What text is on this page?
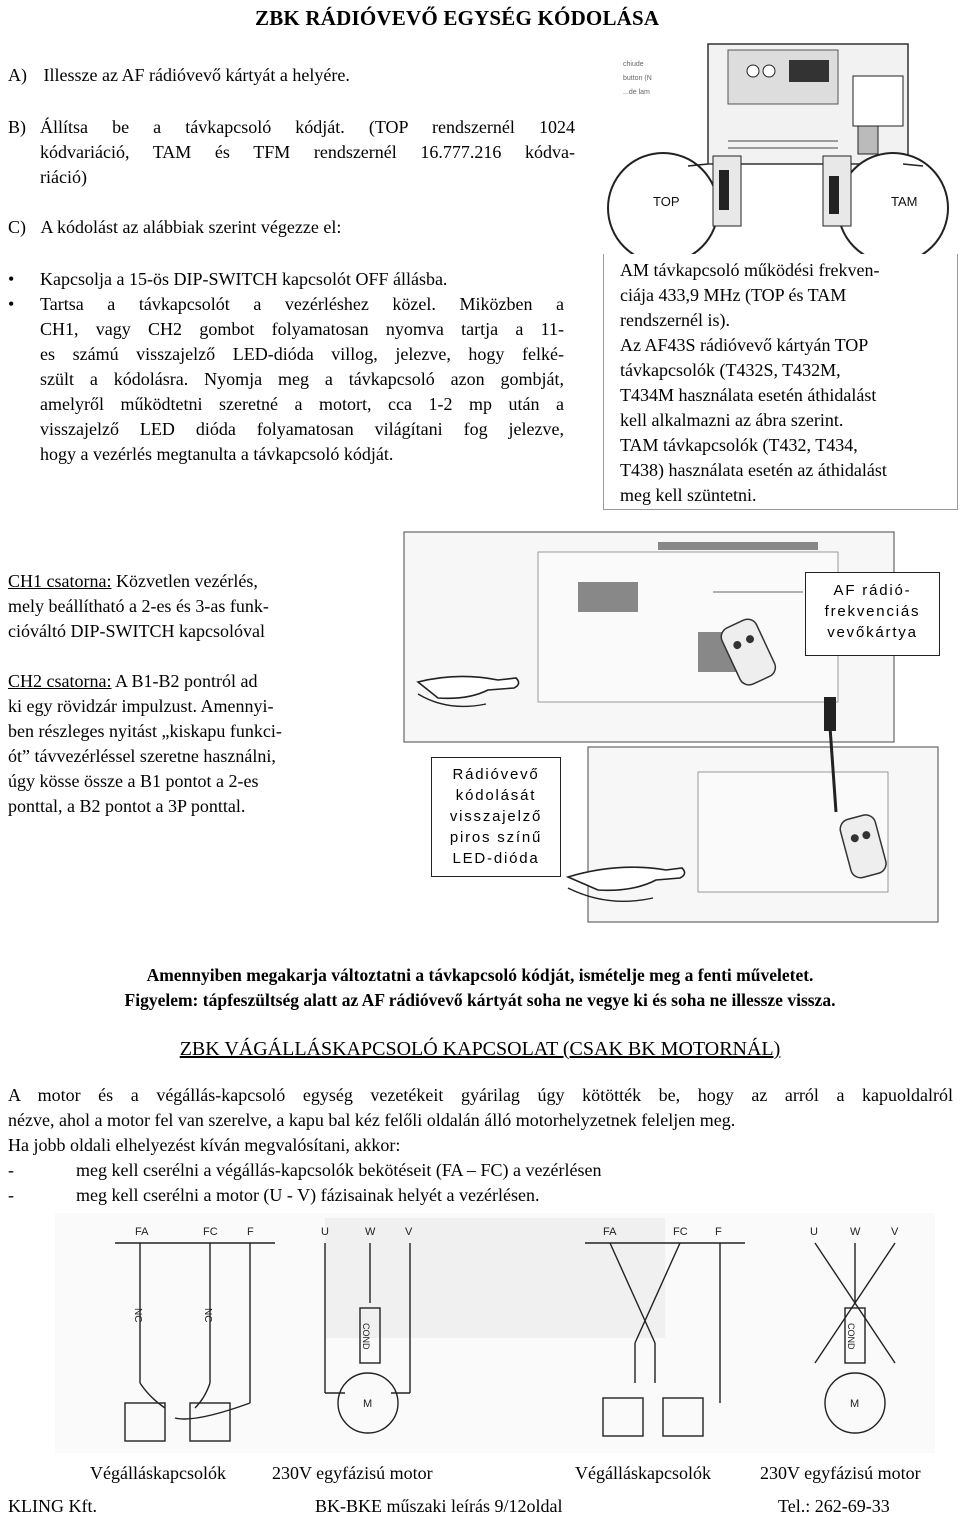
ZBK RÁDIÓVEVŐ EGYSÉG KÓDOLÁSA
A) Illessze az AF rádióvevő kártyát a helyére.
B) Állítsa be a távkapcsoló kódját. (TOP rendszernél 1024
kódvariáció, TAM és TFM rendszernél 16.777.216 kódva-
riáció)
C) A kódolást az alábbiak szerint végezze el:
• Kapcsolja a 15-ös DIP-SWITCH kapcsolót OFF állásba.
• Tartsa a távkapcsolót a vezérléshez közel. Miközben a
CH1, vagy CH2 gombot folyamatosan nyomva tartja a 11-
es számú visszajelző LED-dióda villog, jelezve, hogy felké-
szült a kódolásra. Nyomja meg a távkapcsoló azon gombját,
amelyről működtetni szeretné a motort, cca 1-2 mp után a
visszajelző LED dióda folyamatosan világítani fog jelezve,
hogy a vezérlés megtanulta a távkapcsoló kódját.
chiude
button (N
...de lam
TOP	TAM
AM távkapcsoló működési frekven-
ciája 433,9 MHz (TOP és TAM
rendszernél is).
Az AF43S rádióvevő kártyán TOP
távkapcsolók (T432S, T432M,
T434M használata esetén áthidalást
kell alkalmazni az ábra szerint.
TAM távkapcsolók (T432, T434,
T438) használata esetén az áthidalást
meg kell szüntetni.
CH1 csatorna: Közvetlen vezérlés,
mely beállítható a 2-es és 3-as funk-
cióváltó DIP-SWITCH kapcsolóval
CH2 csatorna: A B1-B2 pontról ad
ki egy rövidzár impulzust. Amennyi-
ben részleges nyitást „kiskapu funkci-
ót” távvezérléssel szeretne használni,
úgy kösse össze a B1 pontot a 2-es
ponttal, a B2 pontot a 3P ponttal.
AF rádió-
frekvenciás
vevőkártya
Rádióvevő
kódolását
visszajelző
piros színű
LED-dióda
Amennyiben megakarja változtatni a távkapcsoló kódját, ismételje meg a fenti műveletet.
Figyelem: tápfeszültség alatt az AF rádióvevő kártyát soha ne vegye ki és soha ne illessze vissza.
ZBK VÁGÁLLÁSKAPCSOLÓ KAPCSOLAT (CSAK BK MOTORNÁL)
A motor és a végállás-kapcsoló egység vezetékeit gyárilag úgy kötötték be, hogy az arról a kapuoldalról
nézve, ahol a motor fel van szerelve, a kapu bal kéz felőli oldalán álló motorhelyzetnek feleljen meg.
Ha jobb oldali elhelyezést kíván megvalósítani, akkor:
-	meg kell cserélni a végállás-kapcsolók bekötéseit (FA – FC) a vezérlésen
-	meg kell cserélni a motor (U - V) fázisainak helyét a vezérlésen.
FA	FC	F	U	W	V	FA	FC F	U	W	V
NC	NC
COND	COND
M	M
Végálláskapcsolók	230V egyfázisú motor	Végálláskapcsolók	230V egyfázisú motor
KLING Kft.	BK-BKE műszaki leírás 9/12oldal	Tel.: 262-69-33
